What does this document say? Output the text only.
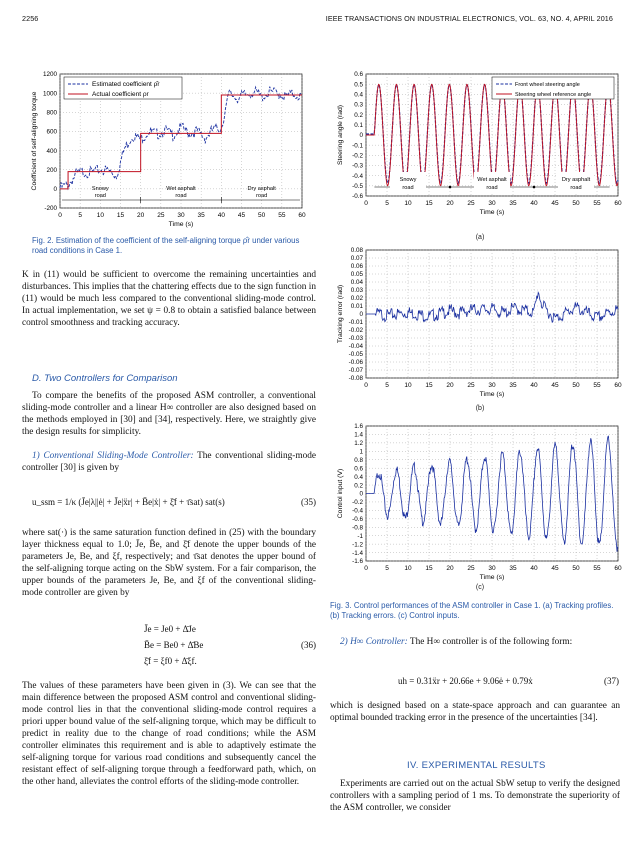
2256	IEEE TRANSACTIONS ON INDUSTRIAL ELECTRONICS, VOL. 63, NO. 4, APRIL 2016
0	5 10 15 20 25 30 35 40 45 50 55 60
-200
0
200
400
600
800
1000
1200
Time (s)
Coefficient of self-aligning torque
Estimated coefficient ρ̂r
Actual coefficient ρr
Snowy
road
Wet asphalt
road
Dry asphalt
road
Fig. 2. Estimation of the coefficient of the self-aligning torque ρ̂r under various road conditions in Case 1.
0	5 10 15 20 25 30 35 40 45 50 55 60
-0.6
-0.5
-0.4
-0.3
-0.2
-0.1
0
0.1
0.2
0.3
0.4
0.5
0.6
Time (s)
Steering angle (rad)
Front wheel steering angle
Steering wheel reference angle
Snowy
road
Wet asphalt
road
Dry asphalt
road
(a)
0	5 10 15 20 25 30 35 40 45 50 55 60
-0.08
-0.07
-0.06
-0.05
-0.04
-0.03
-0.02
-0.01
0
0.01
0.02
0.03
0.04
0.05
0.06
0.07
0.08
Time (s)
Tracking error (rad)
(b)
0	5 10 15 20 25 30 35 40 45 50 55 60
-1.6
-1.4
-1.2
-1
-0.8
-0.6
-0.4
-0.2
0
0.2
0.4
0.6
0.8
1
1.2
1.4
1.6
Time (s)
Control input (V)
(c)
Fig. 3. Control performances of the ASM controller in Case 1. (a) Tracking profiles. (b) Tracking errors. (c) Control inputs.

K in (11) would be sufficient to overcome the remaining uncertainties and disturbances. This implies that the chattering effects due to the sign function in (11) would be much less compared to the conventional sliding-mode control. In actual implementation, we set ψ = 0.8 to obtain a satisfied balance between control smoothness and tracking accuracy.

D. Two Controllers for Comparison

To compare the benefits of the proposed ASM controller, a conventional sliding-mode controller and a linear H∞ controller are also designed based on the methods employed in [30] and [34], respectively. Here, we straightly give the design results for simplicity.

1) Conventional Sliding-Mode Controller: The conventional sliding-mode controller [30] is given by

u_ssm = 1/κ (J̄e|λ||ė| + J̄e|ẍr| + B̄e|ẋ| + ξ̄f + τ̄sat) sat(s)	(35)

where sat(·) is the same saturation function defined in (25) with the boundary layer thickness equal to 1.0; J̄e, B̄e, and ξ̄f denote the upper bounds of the parameters Je, Be, and ξf, respectively; and τ̄sat denotes the upper bound of the self-aligning torque acting on the SbW system. For a fair comparison, the upper bounds of the parameters Je, Be, and ξf of the conventional sliding-mode controller are given by

J̄e = Je0 + Δ̄Je
B̄e = Be0 + Δ̄Be
ξ̄f = ξf0 + Δ̄ξf.
(36)

The values of these parameters have been given in (3). We can see that the main difference between the proposed ASM control and conventional sliding-mode control lies in that the conventional sliding-mode control requires a priori upper bound value of the self-aligning torque, which may be difficult to predict in reality due to the change of road conditions; while the ASM controller eliminates this requirement and is able to adaptively estimate the self-aligning torque for various road conditions and subsequently cancel the resistant effect of self-aligning torque through a feedforward path, which, on the other hand, alleviates the control efforts of the sliding-mode controller.

2) H∞ Controller: The H∞ controller is of the following form:

uh = 0.31ẍr + 20.66e + 9.06ė + 0.79ẋ	(37)

which is designed based on a state-space approach and can guarantee an optimal bounded tracking error in the presence of the uncertainties [34].

IV. EXPERIMENTAL RESULTS

Experiments are carried out on the actual SbW setup to verify the designed controllers with a sampling period of 1 ms. To demonstrate the superiority of the ASM controller, we consider
